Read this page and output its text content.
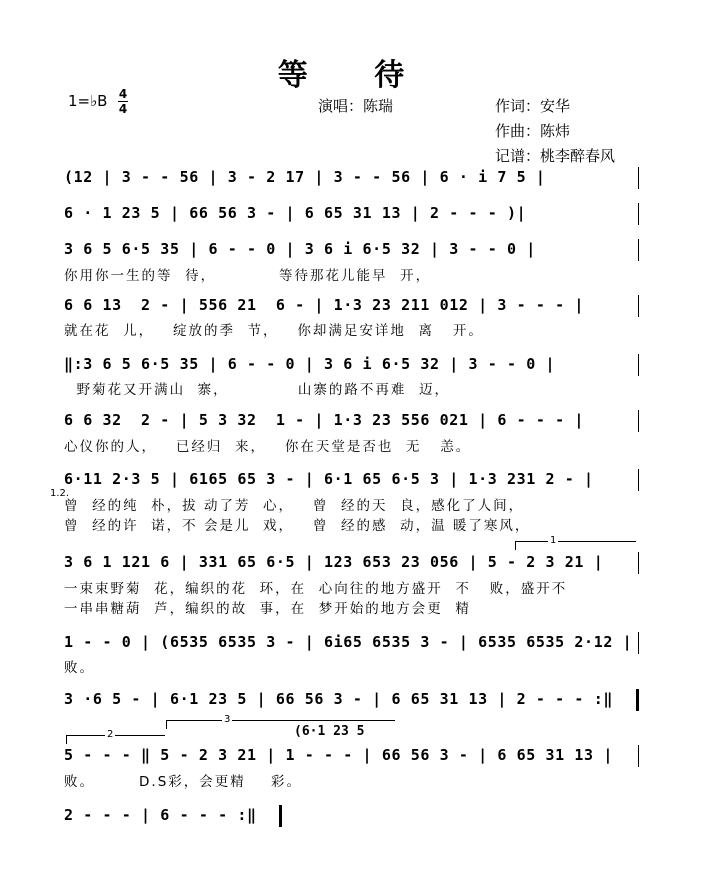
等 待
1=♭B 4
4	演唱：陈瑞	作词：安华
作曲：陈炜
记谱：桃李醉春风
(12 | 3 - - 56 | 3 - 2 17 | 3 - - 56 | 6 · i 7 5 |
6 · 1 23 5 | 66 56 3 - | 6 65 31 13 | 2 - - - )|
3 6 5 6·5 35 | 6 - - 0 | 3 6 i 6·5 32 | 3 - - 0 |
你用你一生的等  待，          等待那花儿能早  开，
6 6 13  2 - | 556 21  6 - | 1·3 23 211 012 | 3 - - - |
就在花  儿，   绽放的季  节，   你却满足安详地  离   开。
‖:3 6 5 6·5 35 | 6 - - 0 | 3 6 i 6·5 32 | 3 - - 0 |
野菊花又开满山  寨，           山寨的路不再难  迈，
6 6 32  2 - | 5 3 32  1 - | 1·3 23 556 021 | 6 - - - |
心仪你的人，   已经归  来，   你在天堂是否也  无   恙。
6·11 2·3 5 | 6165 65 3 - | 6·1 65 6·5 3 | 1·3 231 2 - |
1.2.
曾  经的纯  朴，拔 动了芳  心，   曾  经的天  良，感化了人间，
曾  经的许  诺，不 会是儿  戏，   曾  经的感  动，温 暖了寒风，
1
3 6 1 121 6 | 331 65 6·5 | 123 653 23 056 | 5 - 2 3 21 |
一束束野菊  花，编织的花  环，在  心向往的地方盛开  不   败，盛开不
一串串糖葫  芦，编织的故  事，在  梦开始的地方会更  精
1 - - 0 | (6535 6535 3 - | 6i65 6535 3 - | 6535 6535 2·12 |
败。
3 ·6 5 - | 6·1 23 5 | 66 56 3 - | 6 65 31 13 | 2 - - - :‖
2
3
(6·1 23 5
5 - - - ‖ 5 - 2 3 21 | 1 - - - | 66 56 3 - | 6 65 31 13 |
败。       D.S彩，会更精    彩。
2 - - - | 6 - - - :‖
